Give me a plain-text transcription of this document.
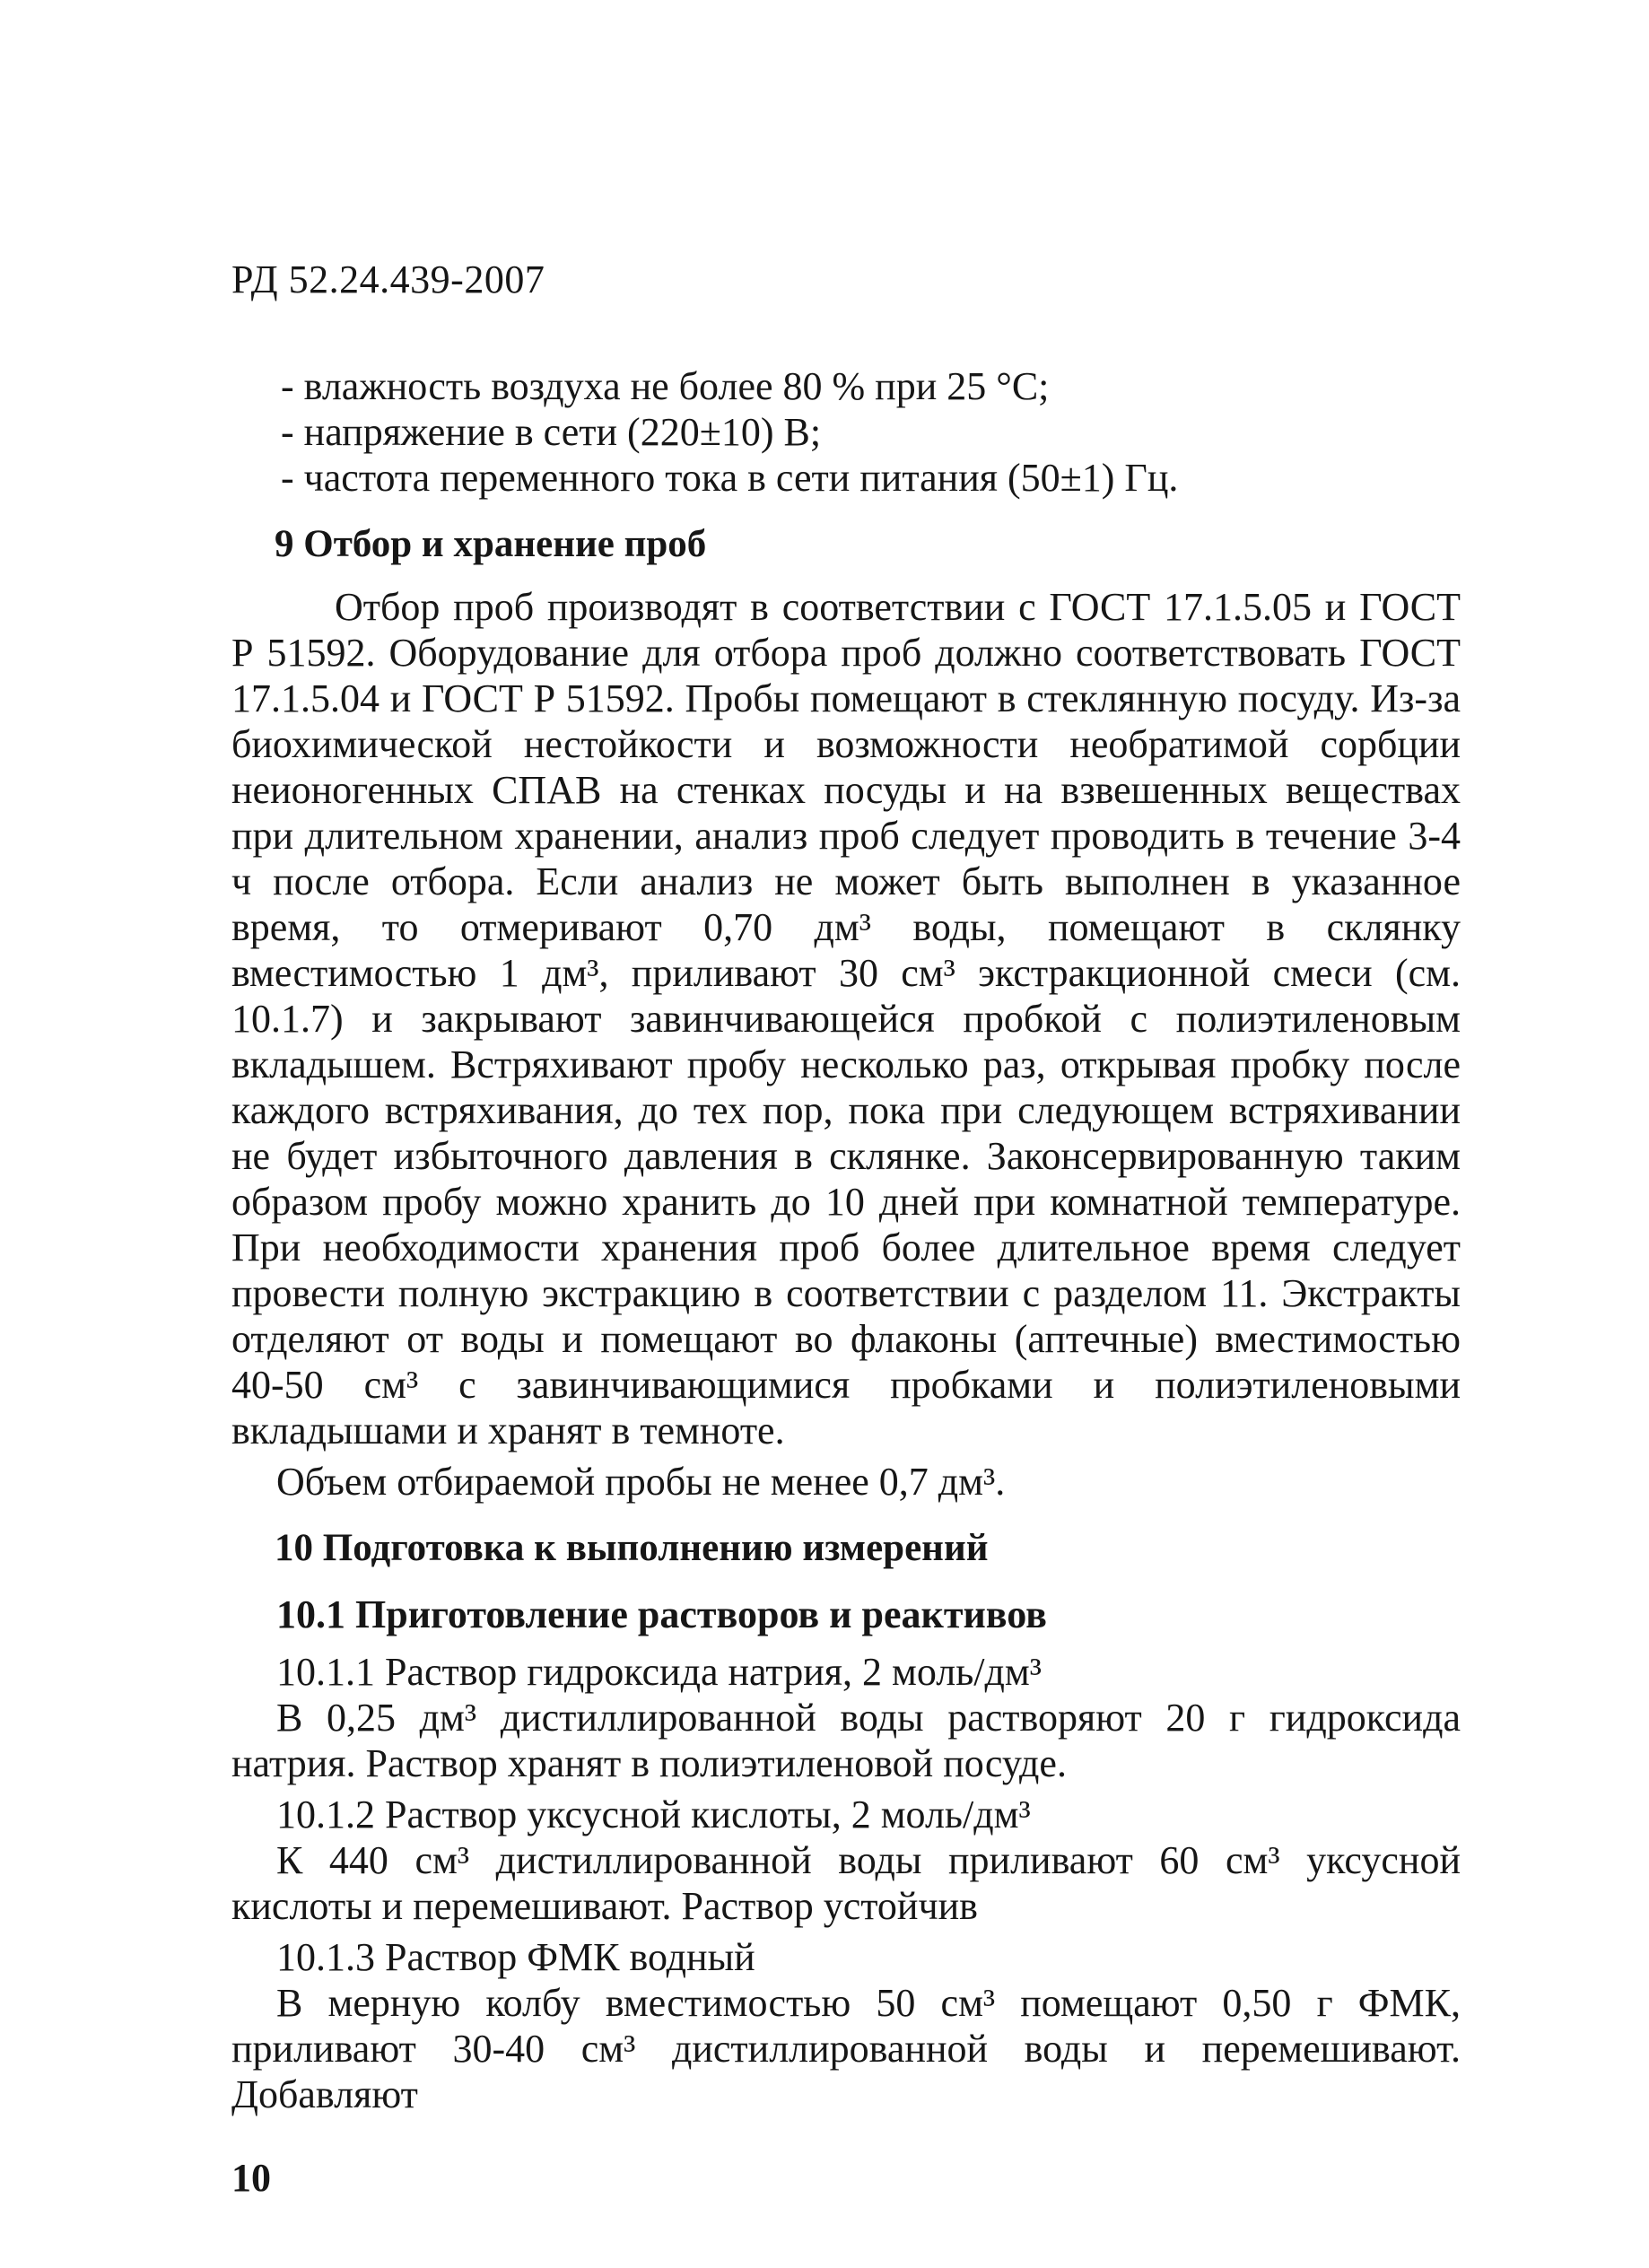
РД 52.24.439-2007

- влажность воздуха не более 80 % при 25 °С;

- напряжение в сети (220±10) В;

- частота переменного тока в сети питания (50±1) Гц.

9 Отбор и хранение проб

Отбор проб производят в соответствии с ГОСТ 17.1.5.05 и ГОСТ Р 51592. Оборудование для отбора проб должно соответствовать ГОСТ 17.1.5.04 и ГОСТ Р 51592. Пробы помещают в стеклянную посуду. Из-за биохимической нестойкости и возможности необратимой сорбции неионогенных СПАВ на стенках посуды и на взвешенных веществах при длительном хранении, анализ проб следует проводить в течение 3-4 ч после отбора. Если анализ не может быть выполнен в указанное время, то отмеривают 0,70 дм³ воды, помещают в склянку вместимостью 1 дм³, приливают 30 см³ экстракционной смеси (см. 10.1.7) и закрывают завинчивающейся пробкой с полиэтиленовым вкладышем. Встряхивают пробу несколько раз, открывая пробку после каждого встряхивания, до тех пор, пока при следующем встряхивании не будет избыточного давления в склянке. Законсервированную таким образом пробу можно хранить до 10 дней при комнатной температуре. При необходимости хранения проб более длительное время следует провести полную экстракцию в соответствии с разделом 11. Экстракты отделяют от воды и помещают во флаконы (аптечные) вместимостью 40-50 см³ с завинчивающимися пробками и полиэтиленовыми вкладышами и хранят в темноте.

Объем отбираемой пробы не менее 0,7 дм³.

10 Подготовка к выполнению измерений
10.1 Приготовление растворов и реактивов

10.1.1 Раствор гидроксида натрия, 2 моль/дм³

В 0,25 дм³ дистиллированной воды растворяют 20 г гидроксида натрия. Раствор хранят в полиэтиленовой посуде.

10.1.2 Раствор уксусной кислоты, 2 моль/дм³

К 440 см³ дистиллированной воды приливают 60 см³ уксусной кислоты и перемешивают. Раствор устойчив

10.1.3 Раствор ФМК водный

В мерную колбу вместимостью 50 см³ помещают 0,50 г ФМК, приливают 30-40 см³ дистиллированной воды и перемешивают. Добавляют

10
